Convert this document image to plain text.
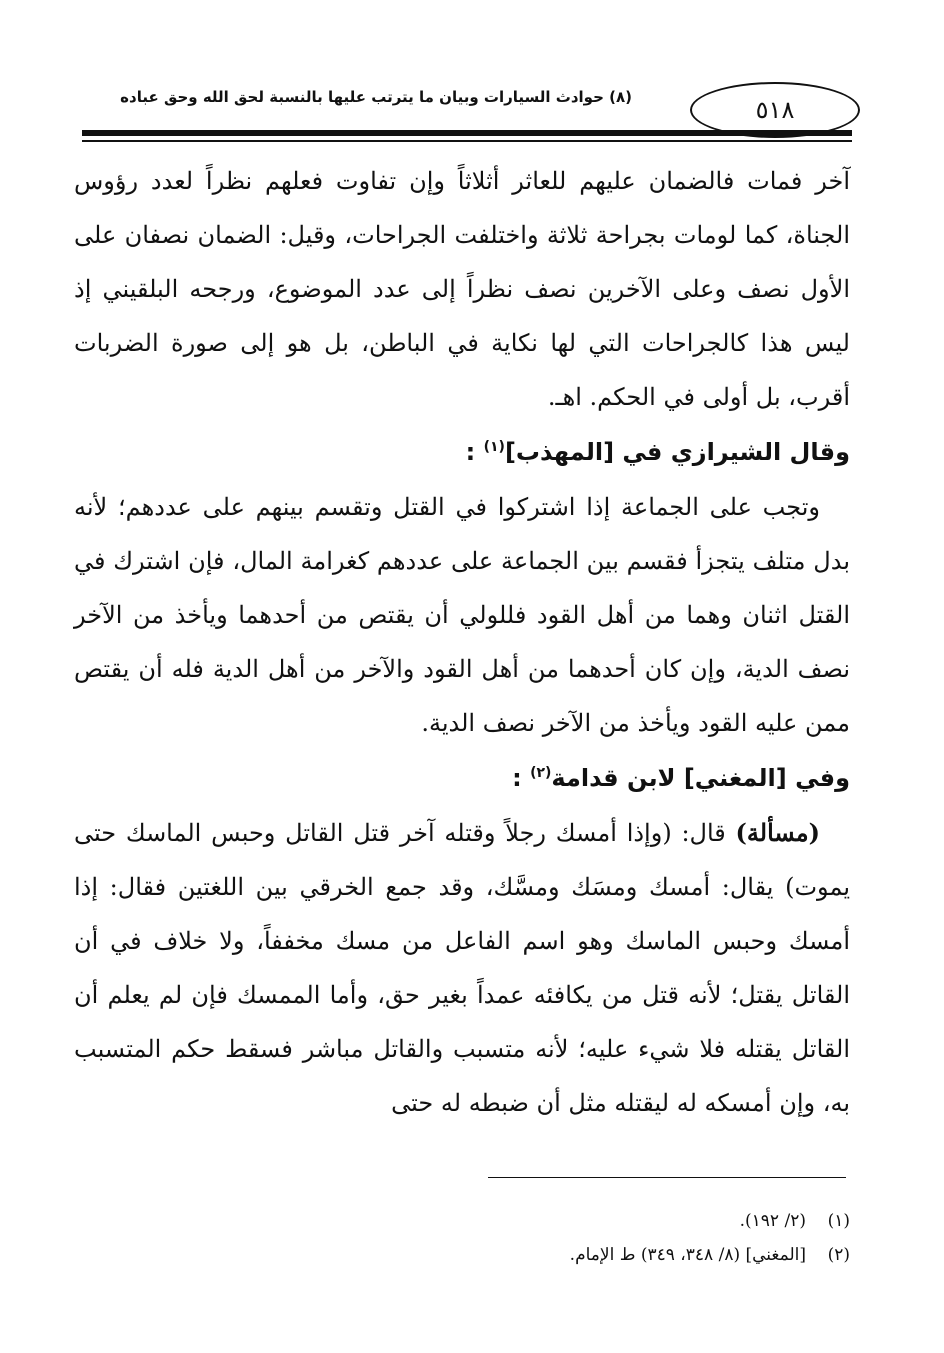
(٨) حوادث السيارات وبيان ما يترتب عليها بالنسبة لحق الله وحق عباده	٥١٨

آخر فمات فالضمان عليهم للعاثر أثلاثاً وإن تفاوت فعلهم نظراً لعدد رؤوس الجناة، كما لومات بجراحة ثلاثة واختلفت الجراحات، وقيل: الضمان نصفان على الأول نصف وعلى الآخرين نصف نظراً إلى عدد الموضوع، ورجحه البلقيني إذ ليس هذا كالجراحات التي لها نكاية في الباطن، بل هو إلى صورة الضربات أقرب، بل أولى في الحكم. اهـ.

وقال الشيرازي في [المهذب]$^{(١)}$ :

وتجب على الجماعة إذا اشتركوا في القتل وتقسم بينهم على عددهم؛ لأنه بدل متلف يتجزأ فقسم بين الجماعة على عددهم كغرامة المال، فإن اشترك في القتل اثنان وهما من أهل القود فللولي أن يقتص من أحدهما ويأخذ من الآخر نصف الدية، وإن كان أحدهما من أهل القود والآخر من أهل الدية فله أن يقتص ممن عليه القود ويأخذ من الآخر نصف الدية.

وفي [المغني] لابن قدامة$^{(٢)}$ :

(مسألة) قال: (وإذا أمسك رجلاً وقتله آخر قتل القاتل وحبس الماسك حتى يموت) يقال: أمسك ومسَك ومسَّك، وقد جمع الخرقي بين اللغتين فقال: إذا أمسك وحبس الماسك وهو اسم الفاعل من مسك مخففاً، ولا خلاف في أن القاتل يقتل؛ لأنه قتل من يكافئه عمداً بغير حق، وأما الممسك فإن لم يعلم أن القاتل يقتله فلا شيء عليه؛ لأنه متسبب والقاتل مباشر فسقط حكم المتسبب به، وإن أمسكه له ليقتله مثل أن ضبطه له حتى

(١)(٢/ ١٩٢).

(٢)[المغني] (٨/ ٣٤٨، ٣٤٩) ط الإمام.
